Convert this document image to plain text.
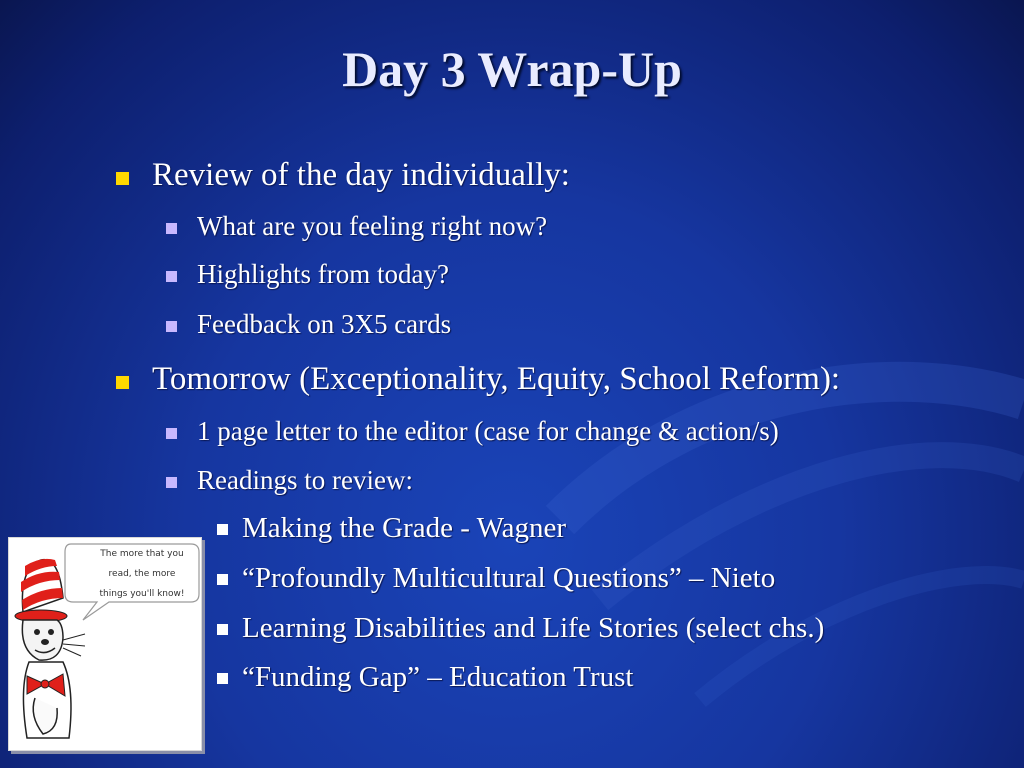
Day 3 Wrap-Up
Review of the day individually:
What are you feeling right now?
Highlights from today?
Feedback on 3X5 cards
Tomorrow (Exceptionality, Equity, School Reform):
1 page letter to the editor (case for change & action/s)
Readings to review:
Making the Grade - Wagner
“Profoundly Multicultural Questions” – Nieto
Learning Disabilities and Life Stories (select chs.)
“Funding Gap” – Education Trust
The more that you
read, the more
things you'll know!
